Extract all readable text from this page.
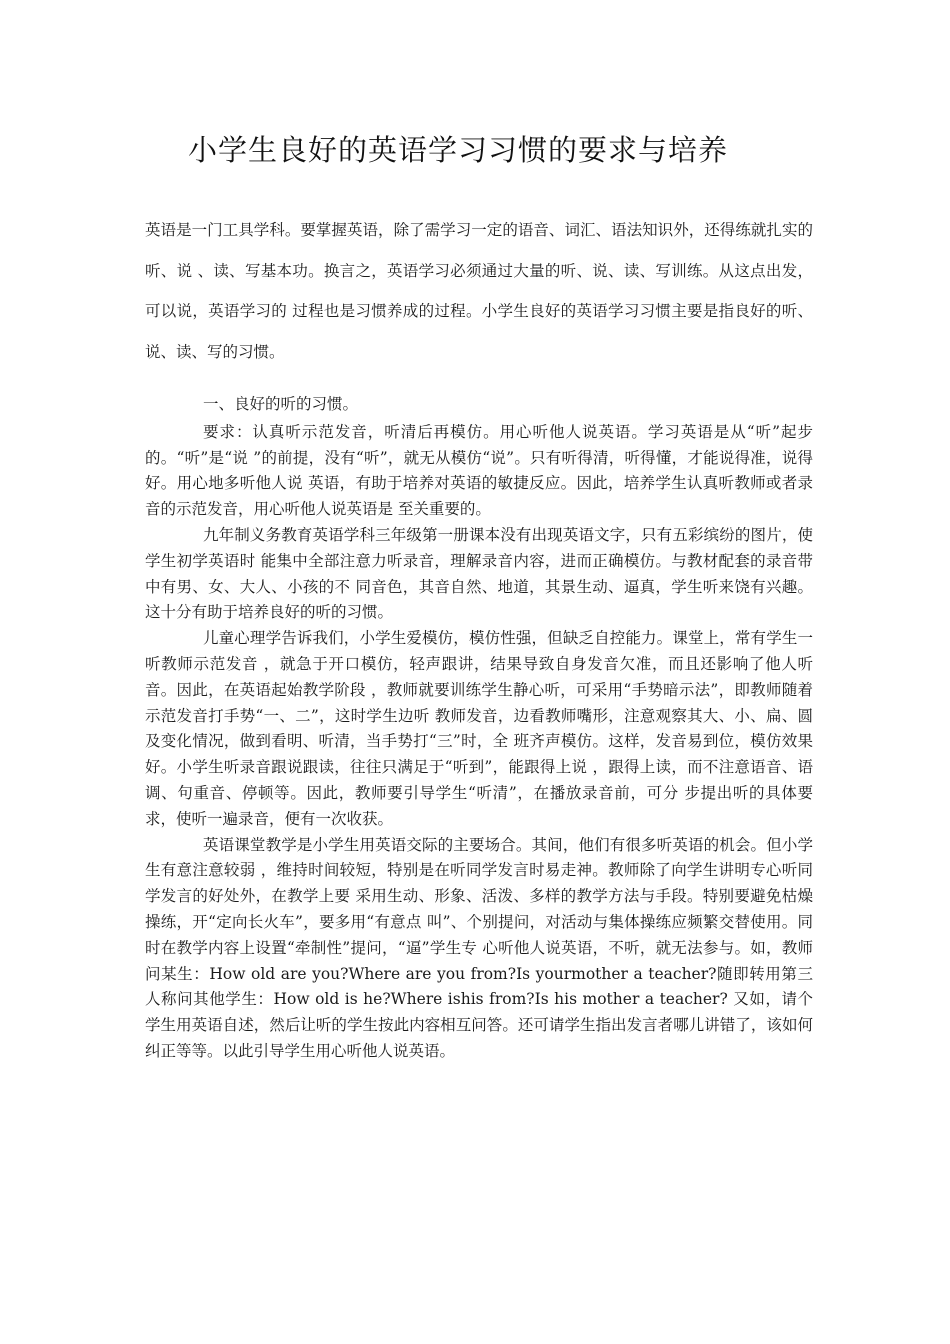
小学生良好的英语学习习惯的要求与培养

英语是一门工具学科。要掌握英语，除了需学习一定的语音、词汇、语法知识外，还得练就扎实的听、说 、读、写基本功。换言之，英语学习必须通过大量的听、说、读、写训练。从这点出发，可以说，英语学习的 过程也是习惯养成的过程。小学生良好的英语学习习惯主要是指良好的听、说、读、写的习惯。

一、良好的听的习惯。

要求：认真听示范发音，听清后再模仿。用心听他人说英语。学习英语是从“听”起步的。“听”是“说 ”的前提，没有“听”，就无从模仿“说”。只有听得清，听得懂，才能说得准，说得好。用心地多听他人说 英语，有助于培养对英语的敏捷反应。因此，培养学生认真听教师或者录音的示范发音，用心听他人说英语是 至关重要的。

九年制义务教育英语学科三年级第一册课本没有出现英语文字，只有五彩缤纷的图片，使学生初学英语时 能集中全部注意力听录音，理解录音内容，进而正确模仿。与教材配套的录音带中有男、女、大人、小孩的不 同音色，其音自然、地道，其景生动、逼真，学生听来饶有兴趣。这十分有助于培养良好的听的习惯。

儿童心理学告诉我们，小学生爱模仿，模仿性强，但缺乏自控能力。课堂上，常有学生一听教师示范发音 ，就急于开口模仿，轻声跟讲，结果导致自身发音欠准，而且还影响了他人听音。因此，在英语起始教学阶段 ，教师就要训练学生静心听，可采用“手势暗示法”，即教师随着示范发音打手势“一、二”，这时学生边听 教师发音，边看教师嘴形，注意观察其大、小、扁、圆及变化情况，做到看明、听清，当手势打“三”时，全 班齐声模仿。这样，发音易到位，模仿效果好。小学生听录音跟说跟读，往往只满足于“听到”，能跟得上说 ，跟得上读，而不注意语音、语调、句重音、停顿等。因此，教师要引导学生“听清”，在播放录音前，可分 步提出听的具体要求，使听一遍录音，便有一次收获。

英语课堂教学是小学生用英语交际的主要场合。其间，他们有很多听英语的机会。但小学生有意注意较弱 ，维持时间较短，特别是在听同学发言时易走神。教师除了向学生讲明专心听同学发言的好处外，在教学上要 采用生动、形象、活泼、多样的教学方法与手段。特别要避免枯燥操练，开“定向长火车”，要多用“有意点 叫”、个别提问，对活动与集体操练应频繁交替使用。同时在教学内容上设置“牵制性”提问，“逼”学生专 心听他人说英语，不听，就无法参与。如，教师问某生：How old are you?Where are you from?Is yourmother a teacher?随即转用第三人称问其他学生：How old is he?Where ishis from?Is his mother a teacher? 又如，请个学生用英语自述，然后让听的学生按此内容相互问答。还可请学生指出发言者哪儿讲错了，该如何 纠正等等。以此引导学生用心听他人说英语。
